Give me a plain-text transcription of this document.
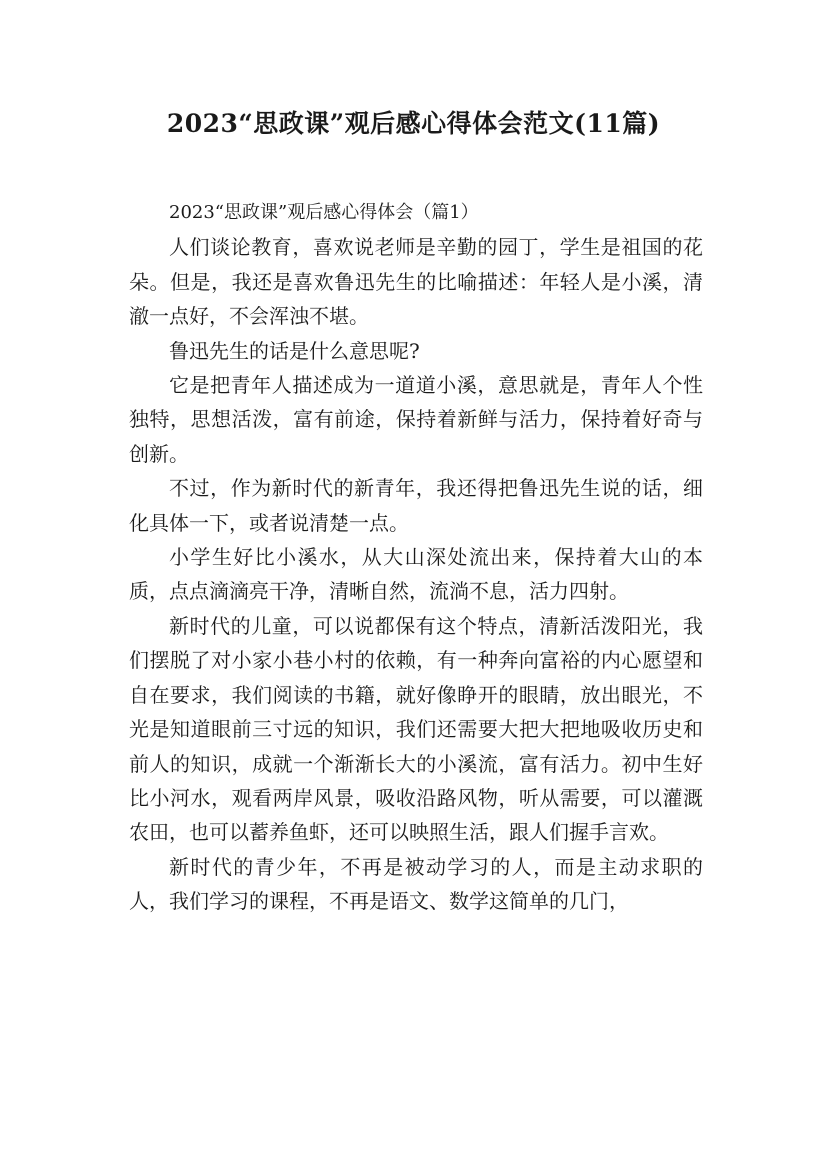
2023“思政课”观后感心得体会范文(11篇)

2023“思政课”观后感心得体会（篇1）

人们谈论教育，喜欢说老师是辛勤的园丁，学生是祖国的花朵。但是，我还是喜欢鲁迅先生的比喻描述：年轻人是小溪，清澈一点好，不会浑浊不堪。

鲁迅先生的话是什么意思呢?

它是把青年人描述成为一道道小溪，意思就是，青年人个性独特，思想活泼，富有前途，保持着新鲜与活力，保持着好奇与创新。

不过，作为新时代的新青年，我还得把鲁迅先生说的话，细化具体一下，或者说清楚一点。

小学生好比小溪水，从大山深处流出来，保持着大山的本质，点点滴滴亮干净，清晰自然，流淌不息，活力四射。

新时代的儿童，可以说都保有这个特点，清新活泼阳光，我们摆脱了对小家小巷小村的依赖，有一种奔向富裕的内心愿望和自在要求，我们阅读的书籍，就好像睁开的眼睛，放出眼光，不光是知道眼前三寸远的知识，我们还需要大把大把地吸收历史和前人的知识，成就一个渐渐长大的小溪流，富有活力。初中生好比小河水，观看两岸风景，吸收沿路风物，听从需要，可以灌溉农田，也可以蓄养鱼虾，还可以映照生活，跟人们握手言欢。

新时代的青少年，不再是被动学习的人，而是主动求职的人，我们学习的课程，不再是语文、数学这简单的几门，
